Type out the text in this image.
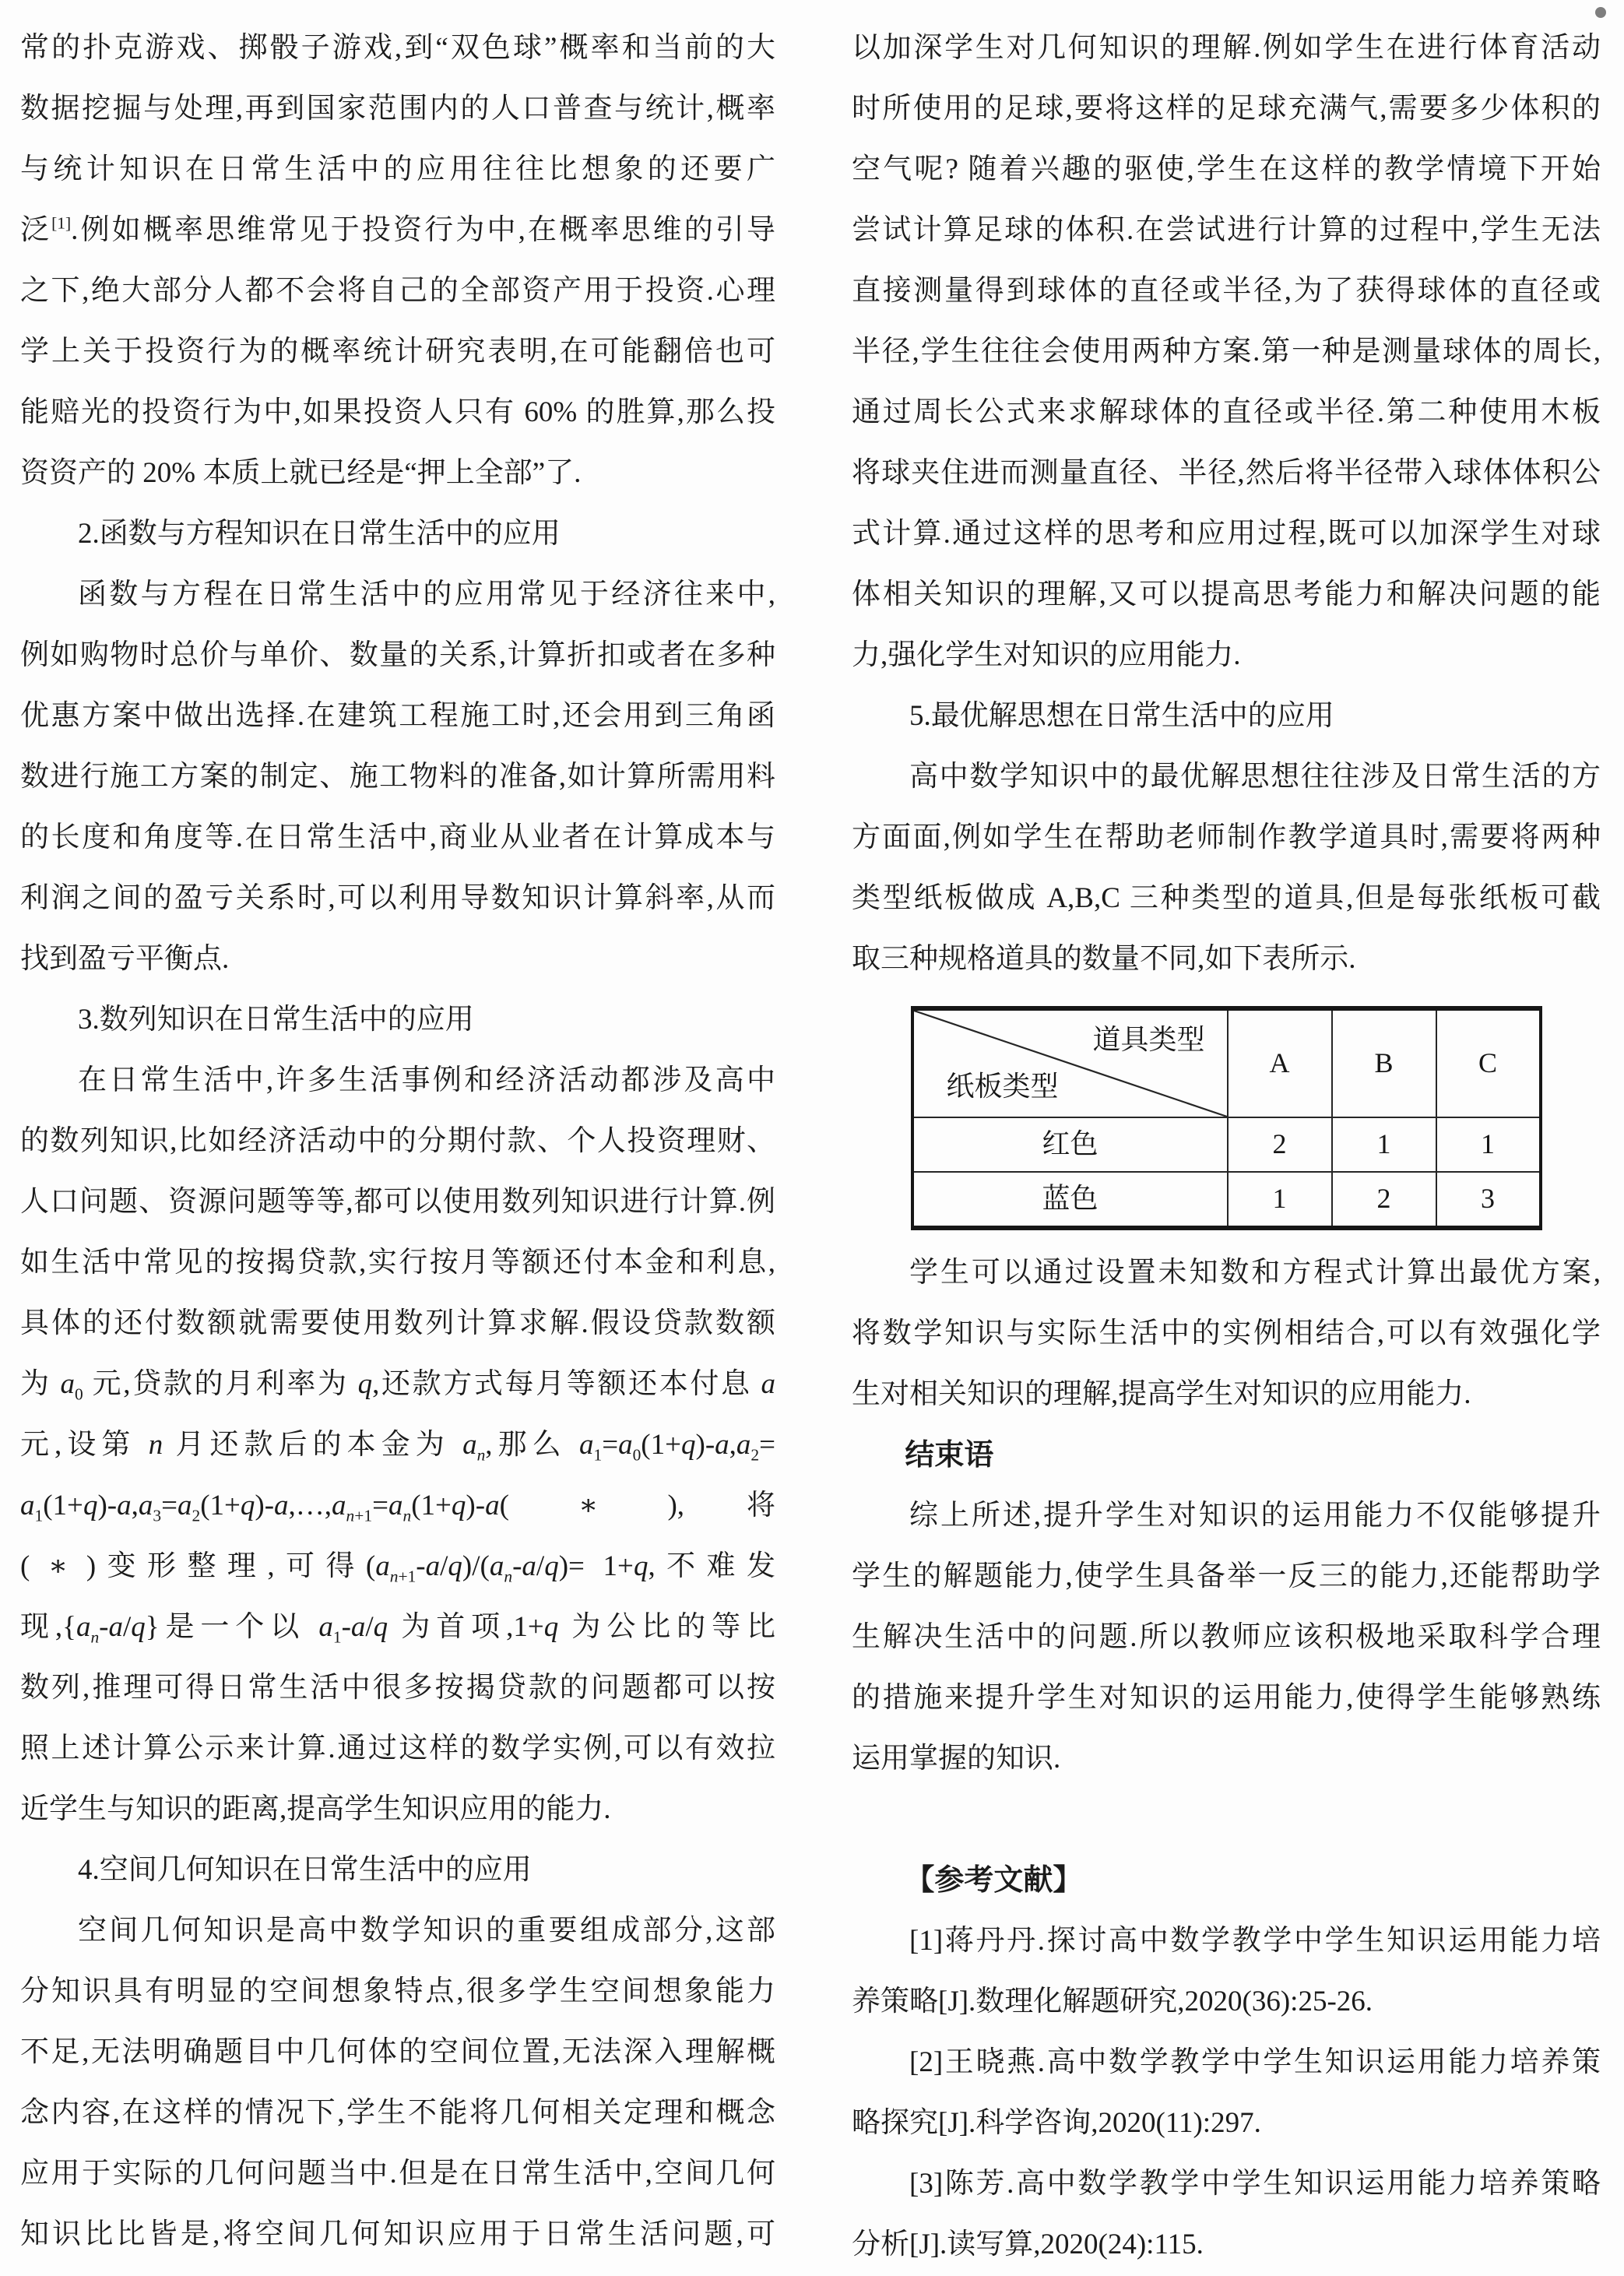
常的扑克游戏、掷骰子游戏,到“双色球”概率和当前的大
数据挖掘与处理,再到国家范围内的人口普查与统计,概率
与统计知识在日常生活中的应用往往比想象的还要广
泛[1].例如概率思维常见于投资行为中,在概率思维的引导
之下,绝大部分人都不会将自己的全部资产用于投资.心理
学上关于投资行为的概率统计研究表明,在可能翻倍也可
能赔光的投资行为中,如果投资人只有 60% 的胜算,那么投
资资产的 20% 本质上就已经是“押上全部”了.
2.函数与方程知识在日常生活中的应用
函数与方程在日常生活中的应用常见于经济往来中,
例如购物时总价与单价、数量的关系,计算折扣或者在多种
优惠方案中做出选择.在建筑工程施工时,还会用到三角函
数进行施工方案的制定、施工物料的准备,如计算所需用料
的长度和角度等.在日常生活中,商业从业者在计算成本与
利润之间的盈亏关系时,可以利用导数知识计算斜率,从而
找到盈亏平衡点.
3.数列知识在日常生活中的应用
在日常生活中,许多生活事例和经济活动都涉及高中
的数列知识,比如经济活动中的分期付款、个人投资理财、
人口问题、资源问题等等,都可以使用数列知识进行计算.例
如生活中常见的按揭贷款,实行按月等额还付本金和利息,
具体的还付数额就需要使用数列计算求解.假设贷款数额
为 $a_0$ 元,贷款的月利率为 q,还款方式每月等额还本付息 a
元,设第 n 月还款后的本金为 $a_n$,那么 $a_1=a_0(1+q)-a,a_2=$
$a_1(1+q)-a,a_3=a_2(1+q)-a,\dots,a_{n+1}=a_n(1+q)-a$( ∗ ),将
( ∗ )变形整理,可得$(a_{n+1}-a/q)/(a_n-a/q)= 1+q$,不难发
现$,\{a_n-a/q\}$是一个以 $a_1-a/q$ 为首项,1+q 为公比的等比
数列,推理可得日常生活中很多按揭贷款的问题都可以按
照上述计算公示来计算.通过这样的数学实例,可以有效拉
近学生与知识的距离,提高学生知识应用的能力.
4.空间几何知识在日常生活中的应用
空间几何知识是高中数学知识的重要组成部分,这部
分知识具有明显的空间想象特点,很多学生空间想象能力
不足,无法明确题目中几何体的空间位置,无法深入理解概
念内容,在这样的情况下,学生不能将几何相关定理和概念
应用于实际的几何问题当中.但是在日常生活中,空间几何
知识比比皆是,将空间几何知识应用于日常生活问题,可
以加深学生对几何知识的理解.例如学生在进行体育活动
时所使用的足球,要将这样的足球充满气,需要多少体积的
空气呢? 随着兴趣的驱使,学生在这样的教学情境下开始
尝试计算足球的体积.在尝试进行计算的过程中,学生无法
直接测量得到球体的直径或半径,为了获得球体的直径或
半径,学生往往会使用两种方案.第一种是测量球体的周长,
通过周长公式来求解球体的直径或半径.第二种使用木板
将球夹住进而测量直径、半径,然后将半径带入球体体积公
式计算.通过这样的思考和应用过程,既可以加深学生对球
体相关知识的理解,又可以提高思考能力和解决问题的能
力,强化学生对知识的应用能力.
5.最优解思想在日常生活中的应用
高中数学知识中的最优解思想往往涉及日常生活的方
方面面,例如学生在帮助老师制作教学道具时,需要将两种
类型纸板做成 A,B,C 三种类型的道具,但是每张纸板可截
取三种规格道具的数量不同,如下表所示.
道具类型
纸板类型	A	B	C
红色	2	1	1
蓝色	1	2	3
学生可以通过设置未知数和方程式计算出最优方案,
将数学知识与实际生活中的实例相结合,可以有效强化学
生对相关知识的理解,提高学生对知识的应用能力.
结束语
综上所述,提升学生对知识的运用能力不仅能够提升
学生的解题能力,使学生具备举一反三的能力,还能帮助学
生解决生活中的问题.所以教师应该积极地采取科学合理
的措施来提升学生对知识的运用能力,使得学生能够熟练
运用掌握的知识.
【参考文献】
[1]蒋丹丹.探讨高中数学教学中学生知识运用能力培
养策略[J].数理化解题研究,2020(36):25-26.
[2]王晓燕.高中数学教学中学生知识运用能力培养策
略探究[J].科学咨询,2020(11):297.
[3]陈芳.高中数学教学中学生知识运用能力培养策略
分析[J].读写算,2020(24):115.
